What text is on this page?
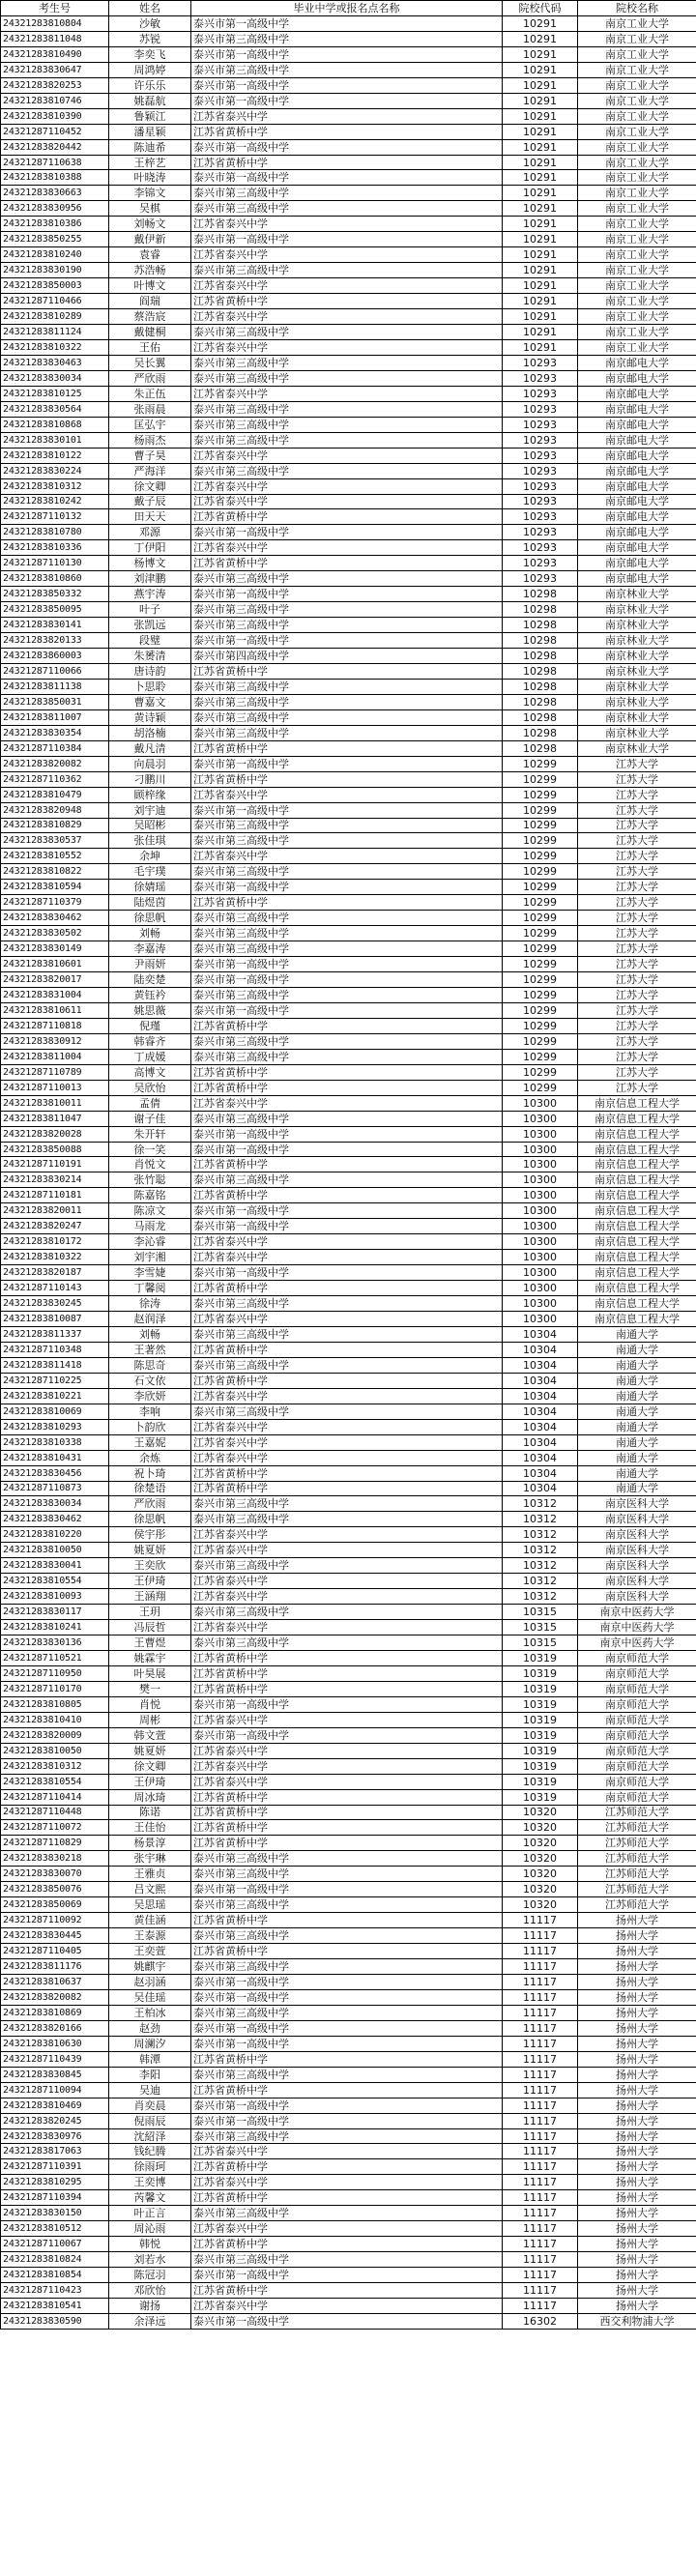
考生号	姓名	毕业中学或报名点名称	院校代码	院校名称
24321283810804	沙敏	泰兴市第一高级中学	10291	南京工业大学
24321283811048	苏锐	泰兴市第三高级中学	10291	南京工业大学
24321283810490	李奕飞	泰兴市第一高级中学	10291	南京工业大学
24321283830647	周鸿婷	泰兴市第三高级中学	10291	南京工业大学
24321283820253	许乐乐	泰兴市第一高级中学	10291	南京工业大学
24321283810746	姚磊航	泰兴市第一高级中学	10291	南京工业大学
24321283810390	鲁颖江	江苏省泰兴中学	10291	南京工业大学
24321287110452	潘星颖	江苏省黄桥中学	10291	南京工业大学
24321283820442	陈迪希	泰兴市第一高级中学	10291	南京工业大学
24321287110638	王梓艺	江苏省黄桥中学	10291	南京工业大学
24321283810388	叶晓涛	泰兴市第一高级中学	10291	南京工业大学
24321283830663	李锦文	泰兴市第三高级中学	10291	南京工业大学
24321283830956	吴棋	泰兴市第三高级中学	10291	南京工业大学
24321283810386	刘畅文	江苏省泰兴中学	10291	南京工业大学
24321283850255	戴伊新	泰兴市第一高级中学	10291	南京工业大学
24321283810240	袁睿	江苏省泰兴中学	10291	南京工业大学
24321283830190	苏浩畅	泰兴市第三高级中学	10291	南京工业大学
24321283850003	叶博文	江苏省泰兴中学	10291	南京工业大学
24321287110466	阎瑞	江苏省黄桥中学	10291	南京工业大学
24321283810289	蔡浩宸	江苏省泰兴中学	10291	南京工业大学
24321283811124	戴健桐	泰兴市第三高级中学	10291	南京工业大学
24321283810322	王佑	江苏省泰兴中学	10291	南京工业大学
24321283830463	吴长翼	泰兴市第三高级中学	10293	南京邮电大学
24321283830034	严欣雨	泰兴市第三高级中学	10293	南京邮电大学
24321283810125	朱正伍	江苏省泰兴中学	10293	南京邮电大学
24321283830564	张雨晨	泰兴市第三高级中学	10293	南京邮电大学
24321283810868	匡弘宇	泰兴市第三高级中学	10293	南京邮电大学
24321283830101	杨雨杰	泰兴市第三高级中学	10293	南京邮电大学
24321283810122	曹子昊	江苏省泰兴中学	10293	南京邮电大学
24321283830224	严海洋	泰兴市第三高级中学	10293	南京邮电大学
24321283810312	徐文卿	江苏省泰兴中学	10293	南京邮电大学
24321283810242	戴子辰	江苏省泰兴中学	10293	南京邮电大学
24321287110132	田天天	江苏省黄桥中学	10293	南京邮电大学
24321283810780	邓源	泰兴市第一高级中学	10293	南京邮电大学
24321283810336	丁伊阳	江苏省泰兴中学	10293	南京邮电大学
24321287110130	杨博文	江苏省黄桥中学	10293	南京邮电大学
24321283810860	刘津鹏	泰兴市第三高级中学	10293	南京邮电大学
24321283850332	燕宇涛	泰兴市第一高级中学	10298	南京林业大学
24321283850095	叶子	泰兴市第三高级中学	10298	南京林业大学
24321283830141	张凯远	泰兴市第三高级中学	10298	南京林业大学
24321283820133	段璧	泰兴市第一高级中学	10298	南京林业大学
24321283860003	朱赟清	泰兴市第四高级中学	10298	南京林业大学
24321287110066	唐诗韵	江苏省黄桥中学	10298	南京林业大学
24321283811138	卜思聆	泰兴市第三高级中学	10298	南京林业大学
24321283850031	曹嘉文	泰兴市第三高级中学	10298	南京林业大学
24321283811007	黄诗颖	泰兴市第三高级中学	10298	南京林业大学
24321283830354	胡洛楠	泰兴市第三高级中学	10298	南京林业大学
24321287110384	戴凡清	江苏省黄桥中学	10298	南京林业大学
24321283820082	向晨羽	泰兴市第一高级中学	10299	江苏大学
24321287110362	刁鹏川	江苏省黄桥中学	10299	江苏大学
24321283810479	顾梓缘	江苏省泰兴中学	10299	江苏大学
24321283820948	刘宇迪	泰兴市第一高级中学	10299	江苏大学
24321283810829	吴昭彬	泰兴市第三高级中学	10299	江苏大学
24321283830537	张佳琪	泰兴市第三高级中学	10299	江苏大学
24321283810552	余坤	江苏省泰兴中学	10299	江苏大学
24321283810822	毛宇璞	泰兴市第三高级中学	10299	江苏大学
24321283810594	徐婧瑶	泰兴市第一高级中学	10299	江苏大学
24321287110379	陆煜茵	江苏省黄桥中学	10299	江苏大学
24321283830462	徐思帆	泰兴市第三高级中学	10299	江苏大学
24321283830502	刘畅	泰兴市第三高级中学	10299	江苏大学
24321283830149	李嘉涛	泰兴市第三高级中学	10299	江苏大学
24321283810601	尹雨妍	泰兴市第一高级中学	10299	江苏大学
24321283820017	陆奕楚	泰兴市第一高级中学	10299	江苏大学
24321283831004	黄钰衿	泰兴市第三高级中学	10299	江苏大学
24321283810611	姚思薇	泰兴市第一高级中学	10299	江苏大学
24321287110818	倪瑾	江苏省黄桥中学	10299	江苏大学
24321283830912	韩睿齐	泰兴市第三高级中学	10299	江苏大学
24321283811004	丁成媛	泰兴市第三高级中学	10299	江苏大学
24321287110789	高博文	江苏省黄桥中学	10299	江苏大学
24321287110013	吴欣怡	江苏省黄桥中学	10299	江苏大学
24321283810011	孟倩	江苏省泰兴中学	10300	南京信息工程大学
24321283811047	谢子佳	泰兴市第三高级中学	10300	南京信息工程大学
24321283820028	朱开轩	泰兴市第一高级中学	10300	南京信息工程大学
24321283850088	徐一笑	泰兴市第一高级中学	10300	南京信息工程大学
24321287110191	肖悦文	江苏省黄桥中学	10300	南京信息工程大学
24321283830214	张竹聪	泰兴市第三高级中学	10300	南京信息工程大学
24321287110181	陈嘉铭	江苏省黄桥中学	10300	南京信息工程大学
24321283820011	陈凉文	泰兴市第一高级中学	10300	南京信息工程大学
24321283820247	马雨龙	泰兴市第一高级中学	10300	南京信息工程大学
24321283810172	李沁睿	江苏省泰兴中学	10300	南京信息工程大学
24321283810322	刘宇湘	江苏省泰兴中学	10300	南京信息工程大学
24321283820187	李雪婕	泰兴市第一高级中学	10300	南京信息工程大学
24321287110143	丁馨阅	江苏省黄桥中学	10300	南京信息工程大学
24321283830245	徐涛	泰兴市第三高级中学	10300	南京信息工程大学
24321283810087	赵润泽	江苏省泰兴中学	10300	南京信息工程大学
24321283811337	刘畅	泰兴市第三高级中学	10304	南通大学
24321287110348	王著然	江苏省黄桥中学	10304	南通大学
24321283811418	陈思奇	泰兴市第三高级中学	10304	南通大学
24321287110225	石文依	江苏省黄桥中学	10304	南通大学
24321283810221	李欣妍	江苏省泰兴中学	10304	南通大学
24321283810069	李响	泰兴市第三高级中学	10304	南通大学
24321283810293	卜韵欣	江苏省泰兴中学	10304	南通大学
24321283810338	王嘉妮	江苏省泰兴中学	10304	南通大学
24321283810431	余炼	江苏省泰兴中学	10304	南通大学
24321283830456	祝卜琦	江苏省黄桥中学	10304	南通大学
24321287110873	徐楚语	江苏省黄桥中学	10304	南通大学
24321283830034	严欣雨	泰兴市第三高级中学	10312	南京医科大学
24321283830462	徐思帆	泰兴市第三高级中学	10312	南京医科大学
24321283810220	侯宇彤	江苏省泰兴中学	10312	南京医科大学
24321283810050	姚夏妍	江苏省泰兴中学	10312	南京医科大学
24321283830041	王奕欣	泰兴市第三高级中学	10312	南京医科大学
24321283810554	王伊琦	江苏省泰兴中学	10312	南京医科大学
24321283810093	王涵翔	江苏省泰兴中学	10312	南京医科大学
24321283830117	王玥	泰兴市第三高级中学	10315	南京中医药大学
24321283810241	冯辰哲	江苏省泰兴中学	10315	南京中医药大学
24321283830136	王曹煜	泰兴市第三高级中学	10315	南京中医药大学
24321287110521	姚霖宇	江苏省黄桥中学	10319	南京师范大学
24321287110950	叶昊展	江苏省黄桥中学	10319	南京师范大学
24321287110170	樊一	江苏省黄桥中学	10319	南京师范大学
24321283810805	肖悦	泰兴市第一高级中学	10319	南京师范大学
24321283810410	周彬	江苏省泰兴中学	10319	南京师范大学
24321283820009	韩文萱	泰兴市第一高级中学	10319	南京师范大学
24321283810050	姚夏妍	江苏省泰兴中学	10319	南京师范大学
24321283810312	徐文卿	江苏省泰兴中学	10319	南京师范大学
24321283810554	王伊琦	江苏省泰兴中学	10319	南京师范大学
24321287110414	周冰琦	江苏省黄桥中学	10319	南京师范大学
24321287110448	陈诺	江苏省黄桥中学	10320	江苏师范大学
24321287110072	王佳怡	江苏省黄桥中学	10320	江苏师范大学
24321287110829	杨景淳	江苏省黄桥中学	10320	江苏师范大学
24321283830218	张宇琳	泰兴市第三高级中学	10320	江苏师范大学
24321283830070	王雅贞	泰兴市第三高级中学	10320	江苏师范大学
24321283850076	吕文熙	泰兴市第一高级中学	10320	江苏师范大学
24321283850069	吴思瑶	泰兴市第三高级中学	10320	江苏师范大学
24321287110092	黄佳涵	江苏省黄桥中学	11117	扬州大学
24321283830445	王泰源	泰兴市第三高级中学	11117	扬州大学
24321287110405	王奕萱	江苏省黄桥中学	11117	扬州大学
24321283811176	姚麒宇	泰兴市第三高级中学	11117	扬州大学
24321283810637	赵羽涵	泰兴市第一高级中学	11117	扬州大学
24321283820082	吴佳瑶	泰兴市第一高级中学	11117	扬州大学
24321283810869	王柏冰	泰兴市第三高级中学	11117	扬州大学
24321283820166	赵劲	泰兴市第一高级中学	11117	扬州大学
24321283810630	周澜汐	泰兴市第一高级中学	11117	扬州大学
24321287110439	韩潭	江苏省黄桥中学	11117	扬州大学
24321283830845	李阳	泰兴市第三高级中学	11117	扬州大学
24321287110094	吴迪	江苏省黄桥中学	11117	扬州大学
24321283810469	肖奕晨	泰兴市第一高级中学	11117	扬州大学
24321283820245	倪雨辰	泰兴市第一高级中学	11117	扬州大学
24321283830976	沈紹泽	泰兴市第三高级中学	11117	扬州大学
24321283817063	钱纪腾	江苏省泰兴中学	11117	扬州大学
24321287110391	徐雨珂	江苏省黄桥中学	11117	扬州大学
24321283810295	王奕博	江苏省泰兴中学	11117	扬州大学
24321287110394	芮馨文	江苏省黄桥中学	11117	扬州大学
24321283830150	叶正言	泰兴市第三高级中学	11117	扬州大学
24321283810512	周沁雨	江苏省泰兴中学	11117	扬州大学
24321287110067	韩悦	江苏省黄桥中学	11117	扬州大学
24321283810824	刘若水	泰兴市第三高级中学	11117	扬州大学
24321283810854	陈冠羽	泰兴市第一高级中学	11117	扬州大学
24321287110423	邓欣怡	江苏省黄桥中学	11117	扬州大学
24321283810541	谢扬	江苏省泰兴中学	11117	扬州大学
24321283830590	余泽远	泰兴市第一高级中学	16302	西交利物浦大学
